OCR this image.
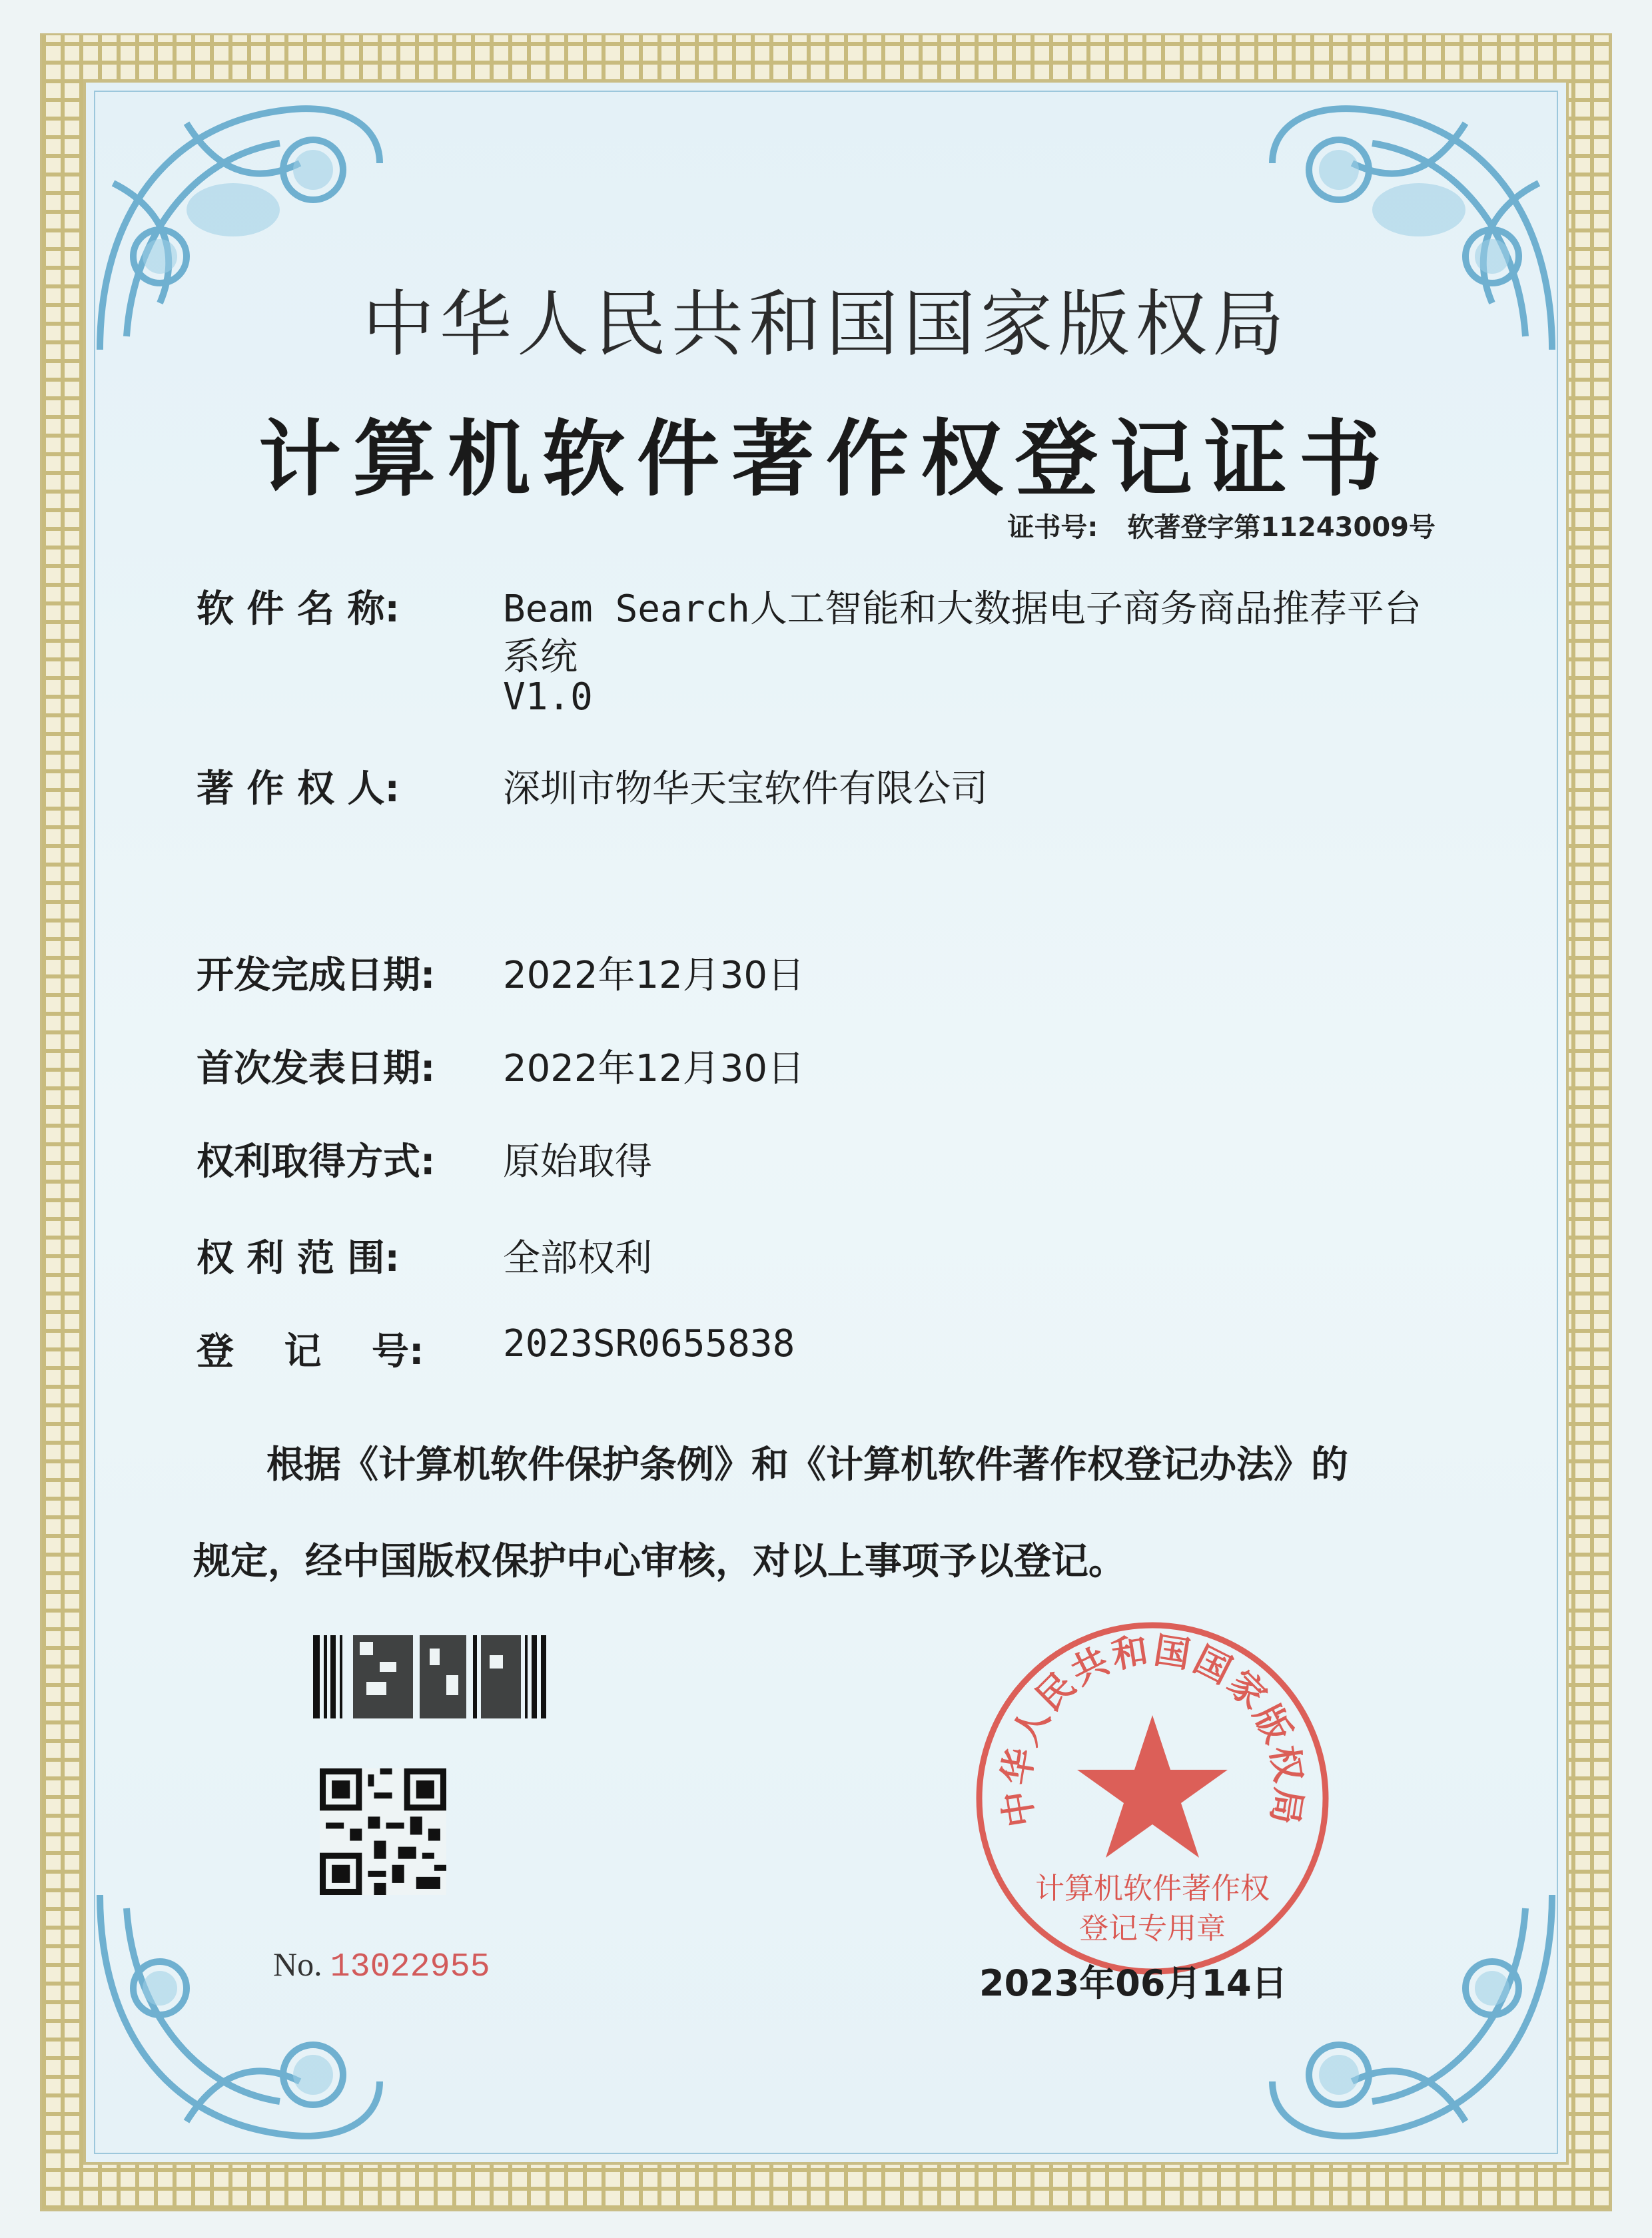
中华人民共和国国家版权局
计算机软件著作权登记证书
证书号: 软著登字第11243009号
软 件 名 称:	Beam Search人工智能和大数据电子商务商品推荐平台
系统
V1.0
著 作 权 人:	深圳市物华天宝软件有限公司
开发完成日期: 2022年12月30日
首次发表日期: 2022年12月30日
权利取得方式: 原始取得
权 利 范 围:	全部权利
登　 记　 号: 2023SR0655838
根据《计算机软件保护条例》和《计算机软件著作权登记办法》的
规定，经中国版权保护中心审核，对以上事项予以登记。
No. 13022955
中华人民共和国国家版权局
计算机软件著作权
登记专用章
2023年06月14日
